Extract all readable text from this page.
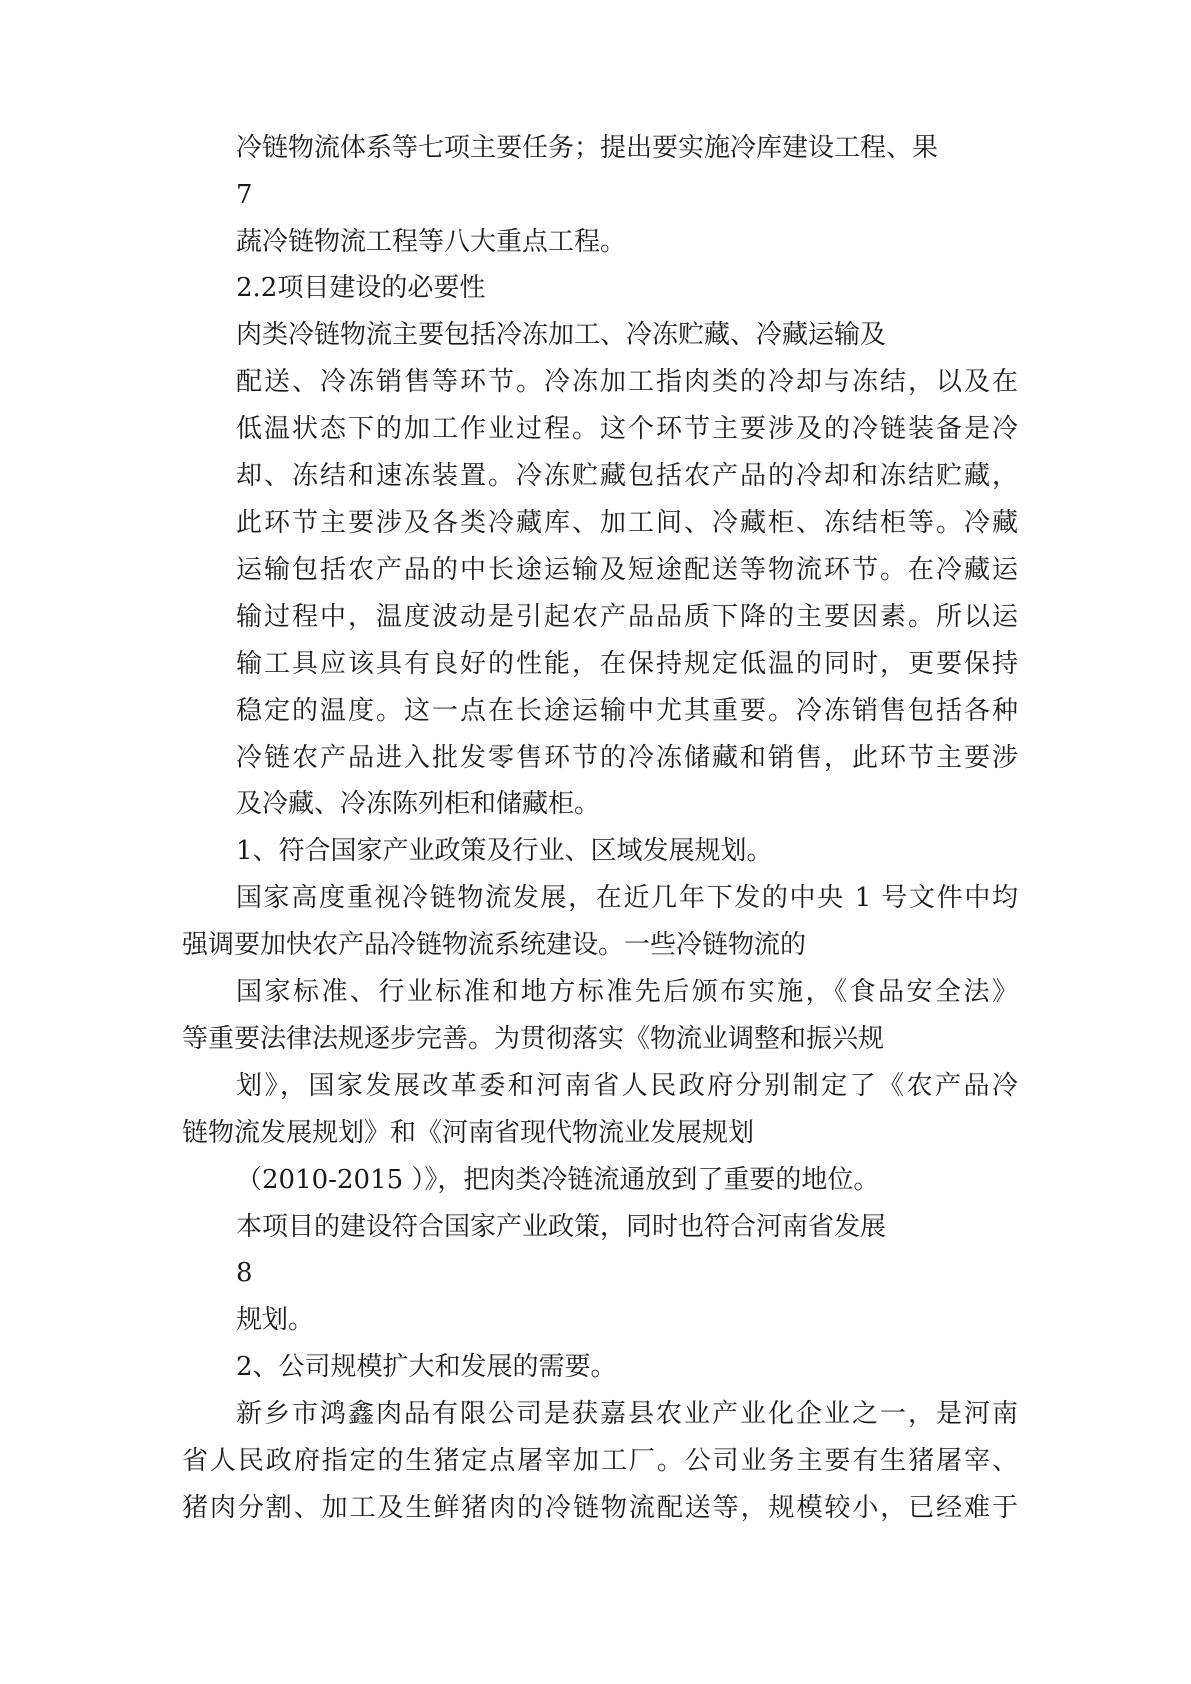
冷链物流体系等七项主要任务；提出要实施冷库建设工程、果
7
蔬冷链物流工程等八大重点工程。
2.2项目建设的必要性
肉类冷链物流主要包括冷冻加工、冷冻贮藏、冷藏运输及
配送、冷冻销售等环节。冷冻加工指肉类的冷却与冻结，以及在
低温状态下的加工作业过程。这个环节主要涉及的冷链装备是冷
却、冻结和速冻装置。冷冻贮藏包括农产品的冷却和冻结贮藏，
此环节主要涉及各类冷藏库、加工间、冷藏柜、冻结柜等。冷藏
运输包括农产品的中长途运输及短途配送等物流环节。在冷藏运
输过程中，温度波动是引起农产品品质下降的主要因素。所以运
输工具应该具有良好的性能，在保持规定低温的同时，更要保持
稳定的温度。这一点在长途运输中尤其重要。冷冻销售包括各种
冷链农产品进入批发零售环节的冷冻储藏和销售，此环节主要涉
及冷藏、冷冻陈列柜和储藏柜。
1、符合国家产业政策及行业、区域发展规划。
国家高度重视冷链物流发展，在近几年下发的中央 1 号文件中均
强调要加快农产品冷链物流系统建设。一些冷链物流的
国家标准、行业标准和地方标准先后颁布实施，《食品安全法》
等重要法律法规逐步完善。为贯彻落实《物流业调整和振兴规
划》，国家发展改革委和河南省人民政府分别制定了《农产品冷
链物流发展规划》和《河南省现代物流业发展规划
（2010-2015 ）》，把肉类冷链流通放到了重要的地位。
本项目的建设符合国家产业政策，同时也符合河南省发展
8
规划。
2、公司规模扩大和发展的需要。
新乡市鸿鑫肉品有限公司是获嘉县农业产业化企业之一，是河南
省人民政府指定的生猪定点屠宰加工厂。公司业务主要有生猪屠宰、
猪肉分割、加工及生鲜猪肉的冷链物流配送等，规模较小，已经难于
